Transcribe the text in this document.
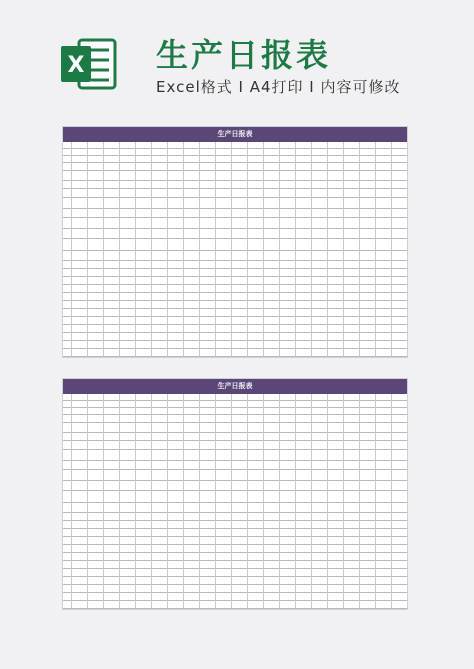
X 生产日报表
Excel格式 I A4打印 I 内容可修改
生产日报表
生产日报表
